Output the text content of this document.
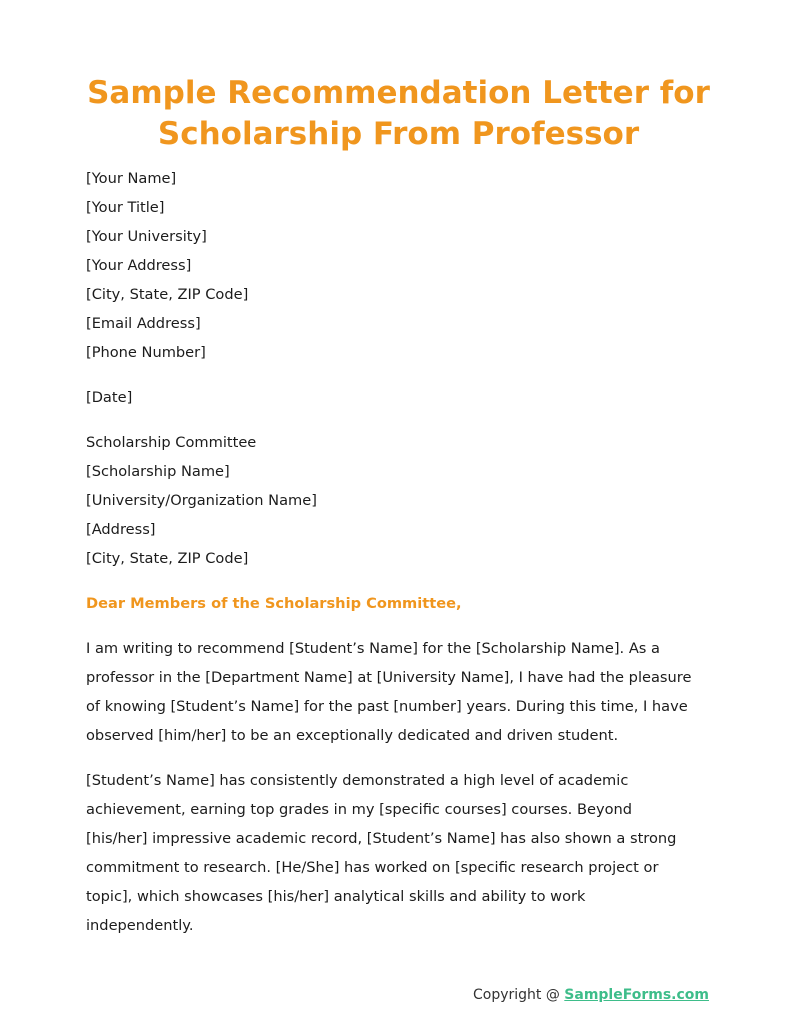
Sample Recommendation Letter for
Scholarship From Professor

[Your Name]
[Your Title]
[Your University]
[Your Address]
[City, State, ZIP Code]
[Email Address]
[Phone Number]

[Date]

Scholarship Committee
[Scholarship Name]
[University/Organization Name]
[Address]
[City, State, ZIP Code]

Dear Members of the Scholarship Committee,

I am writing to recommend [Student’s Name] for the [Scholarship Name]. As a
professor in the [Department Name] at [University Name], I have had the pleasure
of knowing [Student’s Name] for the past [number] years. During this time, I have
observed [him/her] to be an exceptionally dedicated and driven student.

[Student’s Name] has consistently demonstrated a high level of academic
achievement, earning top grades in my [specific courses] courses. Beyond
[his/her] impressive academic record, [Student’s Name] has also shown a strong
commitment to research. [He/She] has worked on [specific research project or
topic], which showcases [his/her] analytical skills and ability to work
independently.

Copyright @ SampleForms.com
